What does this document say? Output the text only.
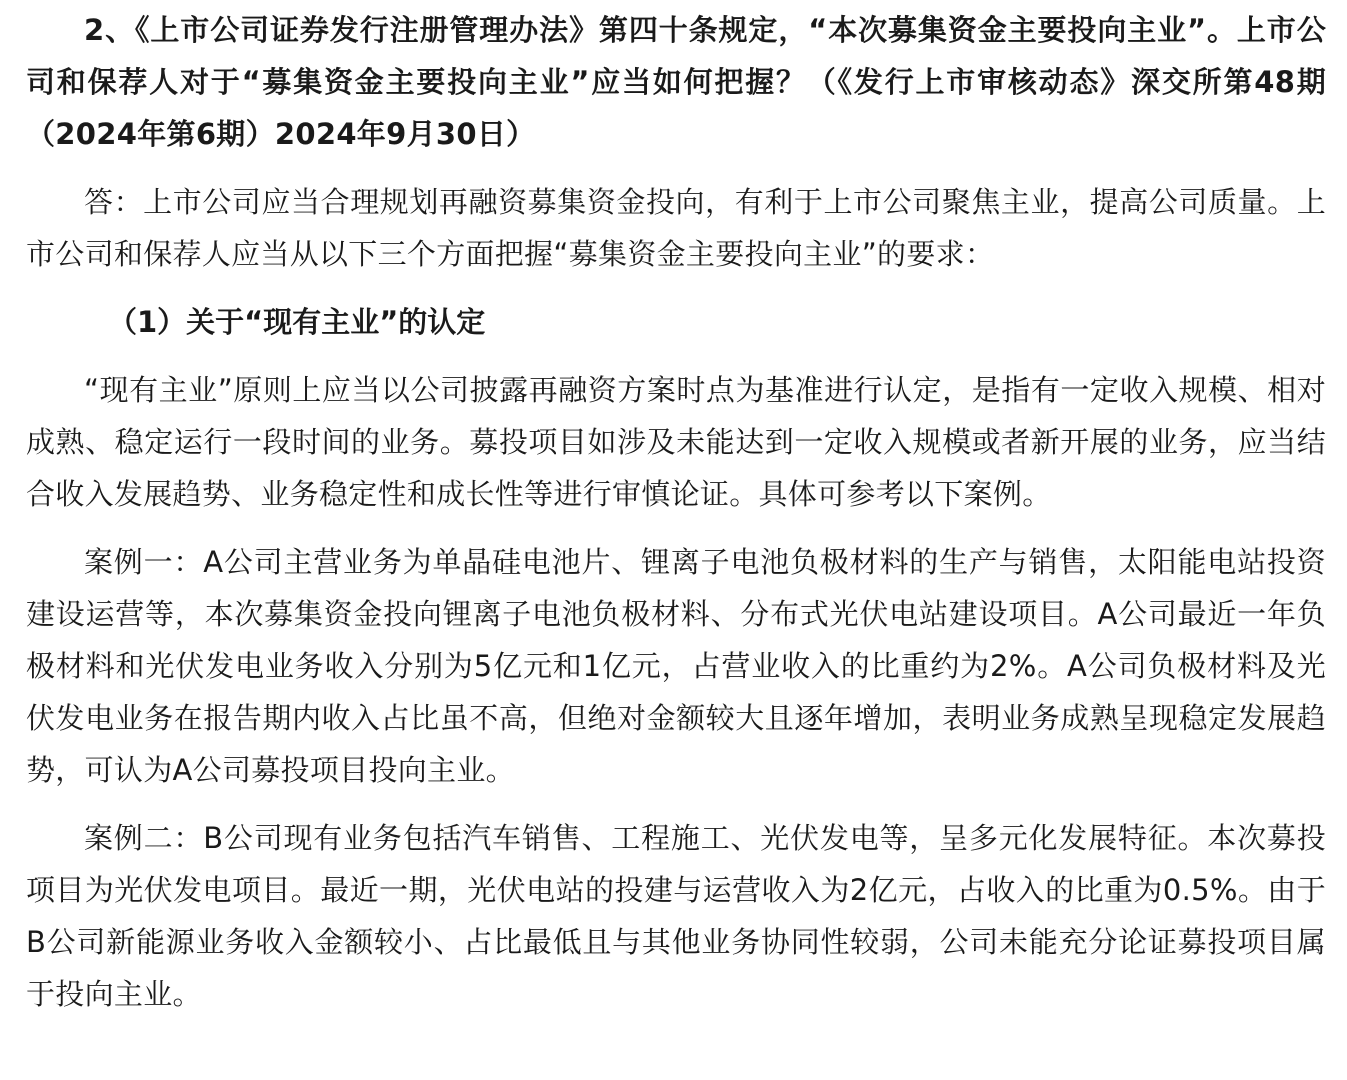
2、《上市公司证券发行注册管理办法》第四十条规定，“本次募集资金主要投向主业”。上市公司和保荐人对于“募集资金主要投向主业”应当如何把握？（《发行上市审核动态》深交所第48期（2024年第6期）2024年9月30日）

答：上市公司应当合理规划再融资募集资金投向，有利于上市公司聚焦主业，提高公司质量。上市公司和保荐人应当从以下三个方面把握“募集资金主要投向主业”的要求：

（1）关于“现有主业”的认定

“现有主业”原则上应当以公司披露再融资方案时点为基准进行认定，是指有一定收入规模、相对成熟、稳定运行一段时间的业务。募投项目如涉及未能达到一定收入规模或者新开展的业务，应当结合收入发展趋势、业务稳定性和成长性等进行审慎论证。具体可参考以下案例。

案例一：A公司主营业务为单晶硅电池片、锂离子电池负极材料的生产与销售，太阳能电站投资建设运营等，本次募集资金投向锂离子电池负极材料、分布式光伏电站建设项目。A公司最近一年负极材料和光伏发电业务收入分别为5亿元和1亿元，占营业收入的比重约为2%。A公司负极材料及光伏发电业务在报告期内收入占比虽不高，但绝对金额较大且逐年增加，表明业务成熟呈现稳定发展趋势，可认为A公司募投项目投向主业。

案例二：B公司现有业务包括汽车销售、工程施工、光伏发电等，呈多元化发展特征。本次募投项目为光伏发电项目。最近一期，光伏电站的投建与运营收入为2亿元，占收入的比重为0.5%。由于B公司新能源业务收入金额较小、占比最低且与其他业务协同性较弱，公司未能充分论证募投项目属于投向主业。
